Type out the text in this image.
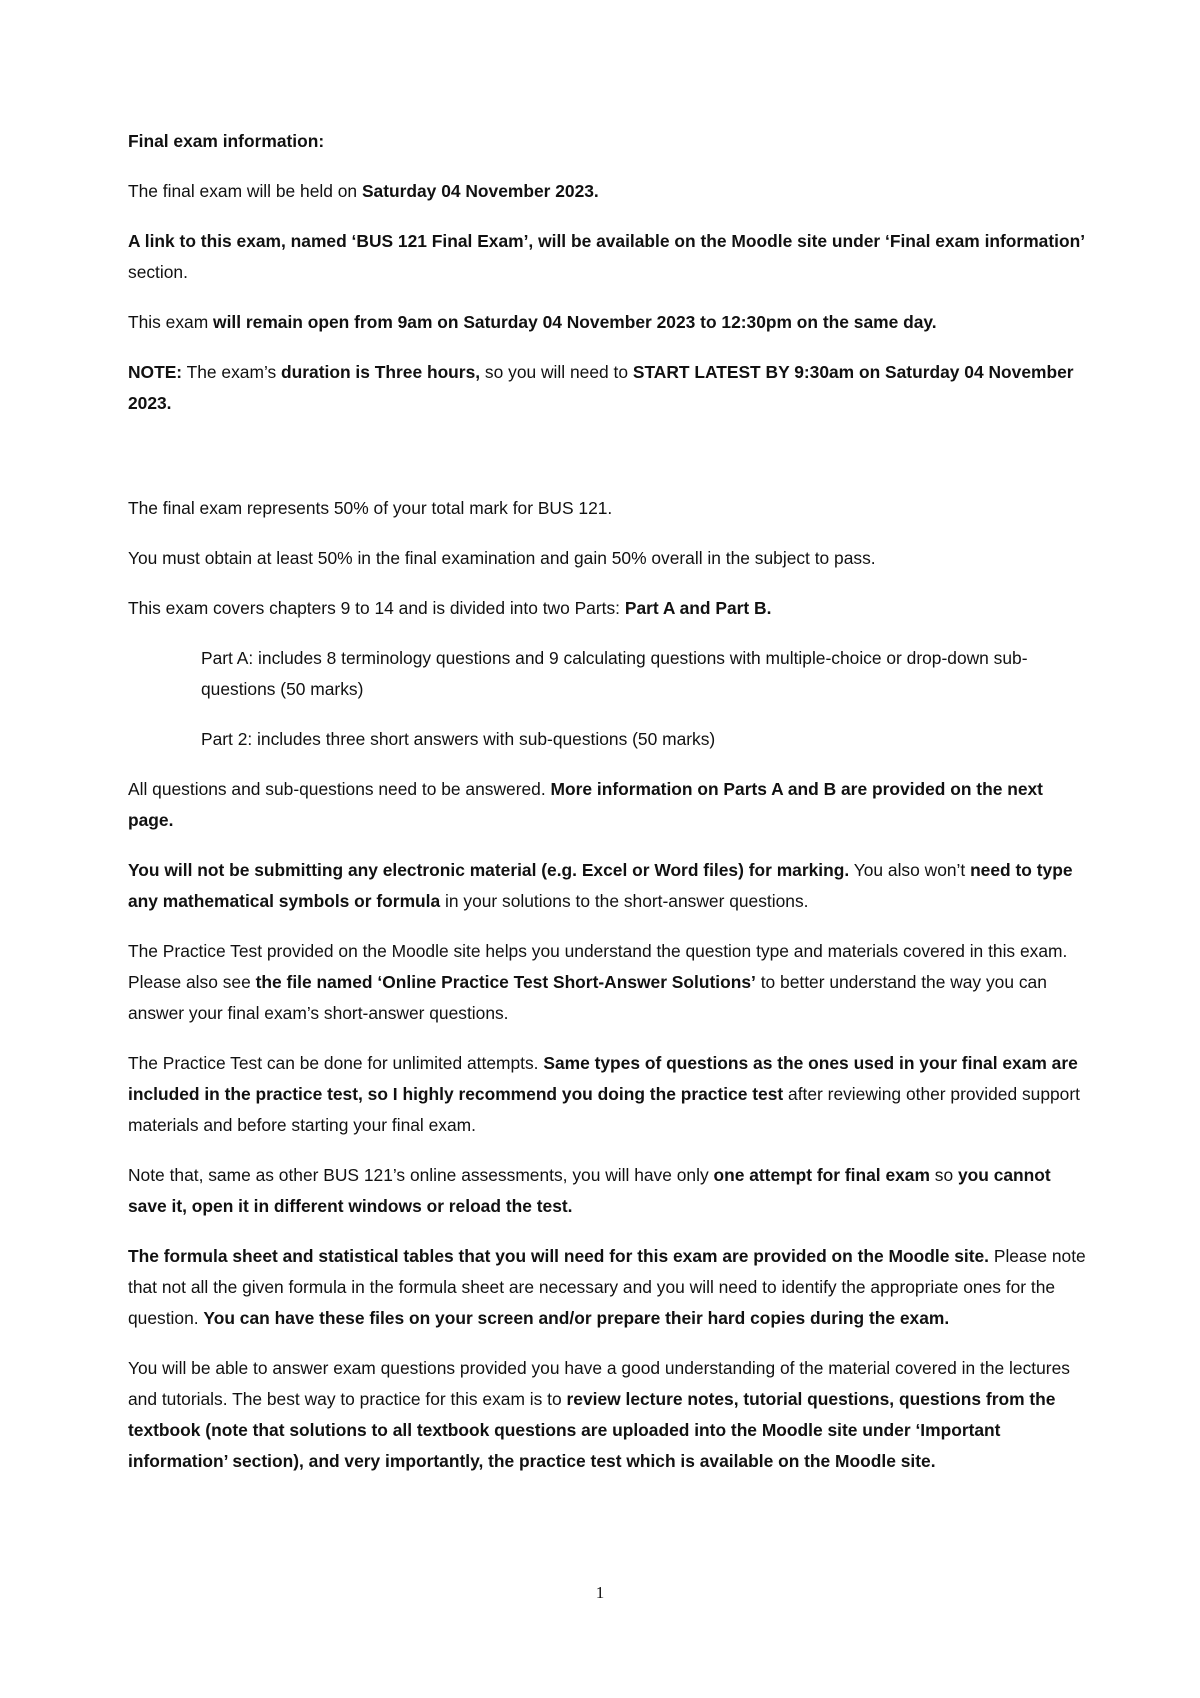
Final exam information:
The final exam will be held on Saturday 04 November 2023.
A link to this exam, named ‘BUS 121 Final Exam’, will be available on the Moodle site under ‘Final exam information’ section.
This exam will remain open from 9am on Saturday 04 November 2023 to 12:30pm on the same day.
NOTE: The exam’s duration is Three hours, so you will need to START LATEST BY 9:30am on Saturday 04 November 2023.
The final exam represents 50% of your total mark for BUS 121.
You must obtain at least 50% in the final examination and gain 50% overall in the subject to pass.
This exam covers chapters 9 to 14 and is divided into two Parts: Part A and Part B.
Part A: includes 8 terminology questions and 9 calculating questions with multiple-choice or drop-down sub-questions (50 marks)
Part 2: includes three short answers with sub-questions (50 marks)
All questions and sub-questions need to be answered. More information on Parts A and B are provided on the next page.
You will not be submitting any electronic material (e.g. Excel or Word files) for marking. You also won’t need to type any mathematical symbols or formula in your solutions to the short-answer questions.
The Practice Test provided on the Moodle site helps you understand the question type and materials covered in this exam. Please also see the file named ‘Online Practice Test Short-Answer Solutions’ to better understand the way you can answer your final exam’s short-answer questions.
The Practice Test can be done for unlimited attempts. Same types of questions as the ones used in your final exam are included in the practice test, so I highly recommend you doing the practice test after reviewing other provided support materials and before starting your final exam.
Note that, same as other BUS 121’s online assessments, you will have only one attempt for final exam so you cannot save it, open it in different windows or reload the test.
The formula sheet and statistical tables that you will need for this exam are provided on the Moodle site. Please note that not all the given formula in the formula sheet are necessary and you will need to identify the appropriate ones for the question. You can have these files on your screen and/or prepare their hard copies during the exam.
You will be able to answer exam questions provided you have a good understanding of the material covered in the lectures and tutorials. The best way to practice for this exam is to review lecture notes, tutorial questions, questions from the textbook (note that solutions to all textbook questions are uploaded into the Moodle site under ‘Important information’ section), and very importantly, the practice test which is available on the Moodle site.
1
